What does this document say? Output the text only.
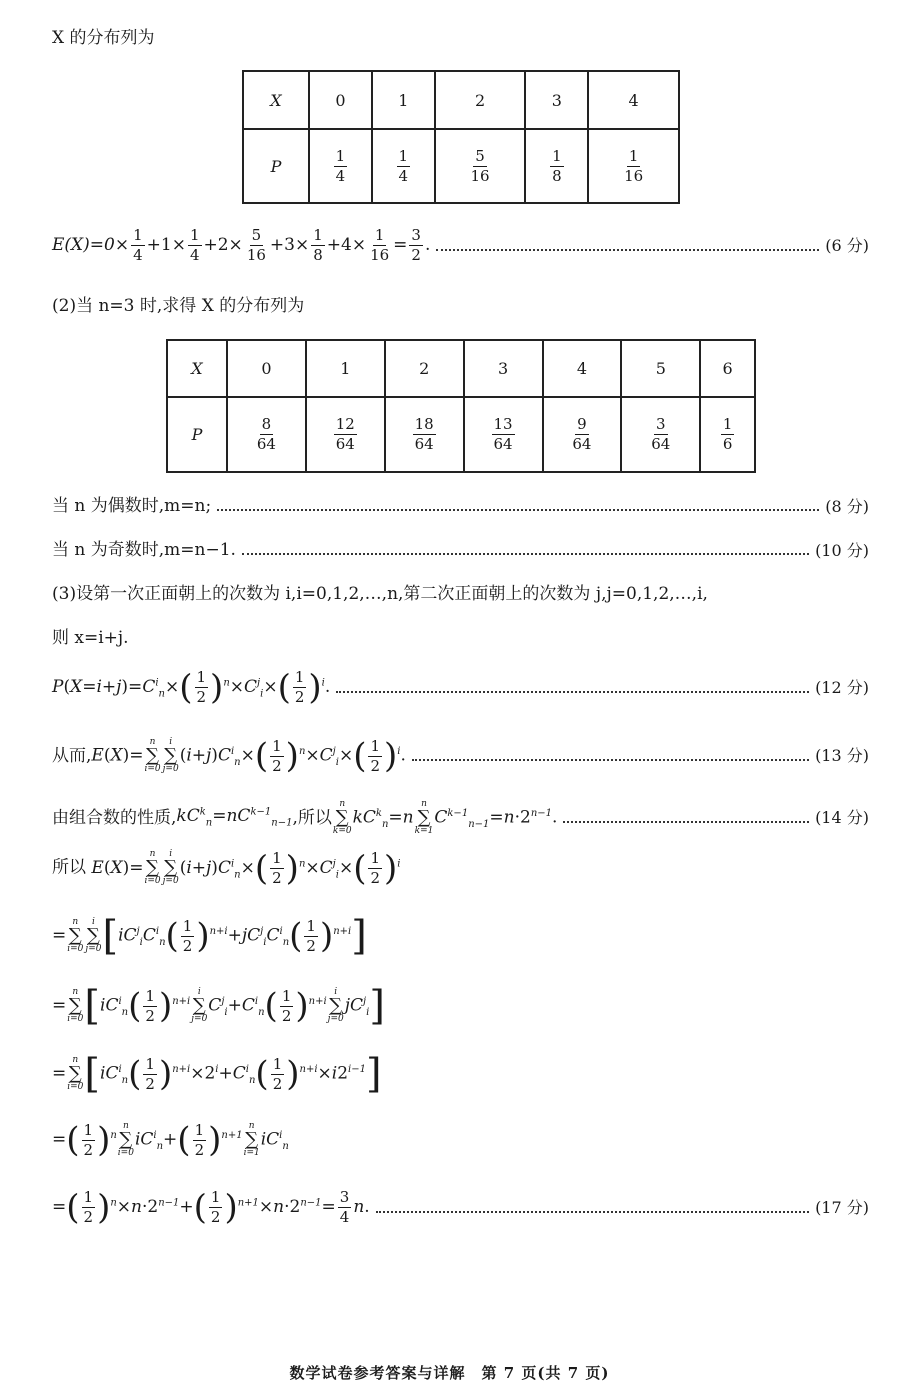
X 的分布列为
X	0	1	2	3	4
P	$\frac{1}{4}$	$\frac{1}{4}$	$\frac{5}{16}$	$\frac{1}{8}$	$\frac{1}{16}$
$E(X)=0\times \frac{1}{4} +1\times \frac{1}{4} +2\times \frac{5}{16} +3\times \frac{1}{8} +4\times \frac{1}{16} = \frac{3}{2}$ .	(6 分)
(2)当 n=3 时,求得 X 的分布列为
X	0	1	2	3	4	5	6
P	$\frac{8}{64}$	$\frac{12}{64}$	$\frac{18}{64}$	$\frac{13}{64}$	$\frac{9}{64}$	$\frac{3}{64}$	$\frac{1}{6}$
当 n 为偶数时,m=n;	(8 分)
当 n 为奇数时,m=n−1.	(10 分)
(3)设第一次正面朝上的次数为 i,i=0,1,2,…,n,第二次正面朝上的次数为 j,j=0,1,2,…,i,
则 x=i+j.
$P(X=i+j)=C^i_n\times( \frac{1}{2} )^n\times C^j_i\times( \frac{1}{2} )^i$.	(12 分)
从而, E(X)=
n
∑
i=0
i
∑
j=0
$(i+j)C^i_n\times( \frac{1}{2} )^n\times C^j_i\times( \frac{1}{2} )^i$.	(13 分)
由组合数的性质, $kC^k_n=nC^{k-1}_{n-1}$ ,所以
n
∑
k=0
$kC^k_n=n$
n
∑
k=1
$C^{k-1}_{n-1}=n\cdot 2^{n-1}$.	(14 分)
所以 E(X)=
n
∑
i=0
i
∑
j=0
$(i+j)C^i_n\times( \frac{1}{2} )^n\times C^j_i\times( \frac{1}{2} )^i$
=
n
∑
i=0
i
∑
j=0 $[iC^j_iC^i_n( \frac{1}{2} )^{n+i}+jC^j_iC^i_n( \frac{1}{2} )^{n+i}]$
=
n
∑
i=0 [$iC^i_n( \frac{1}{2} )^{n+i}$
i
∑
j=0
$C^j_i+C^i_n( \frac{1}{2} )^{n+i}$
i
∑
j=0
$jC^j_i$]
=
n
∑
i=0 $[iC^i_n( \frac{1}{2} )^{n+i}\times 2^i+C^i_n( \frac{1}{2} )^{n+i}\times i2^{i-1}]$
=( $\frac{1}{2} )^n$
n
∑
i=0
$iC^i_n+( \frac{1}{2} )^{n+1}$
n
∑
i=1
$iC^i_n$
=( $\frac{1}{2} )^n\times n\cdot 2^{n-1}+( \frac{1}{2} )^{n+1}\times n\cdot 2^{n-1}= \frac{3}{4} n$.	(17 分)
数学试卷参考答案与详解　第 7 页(共 7 页)
